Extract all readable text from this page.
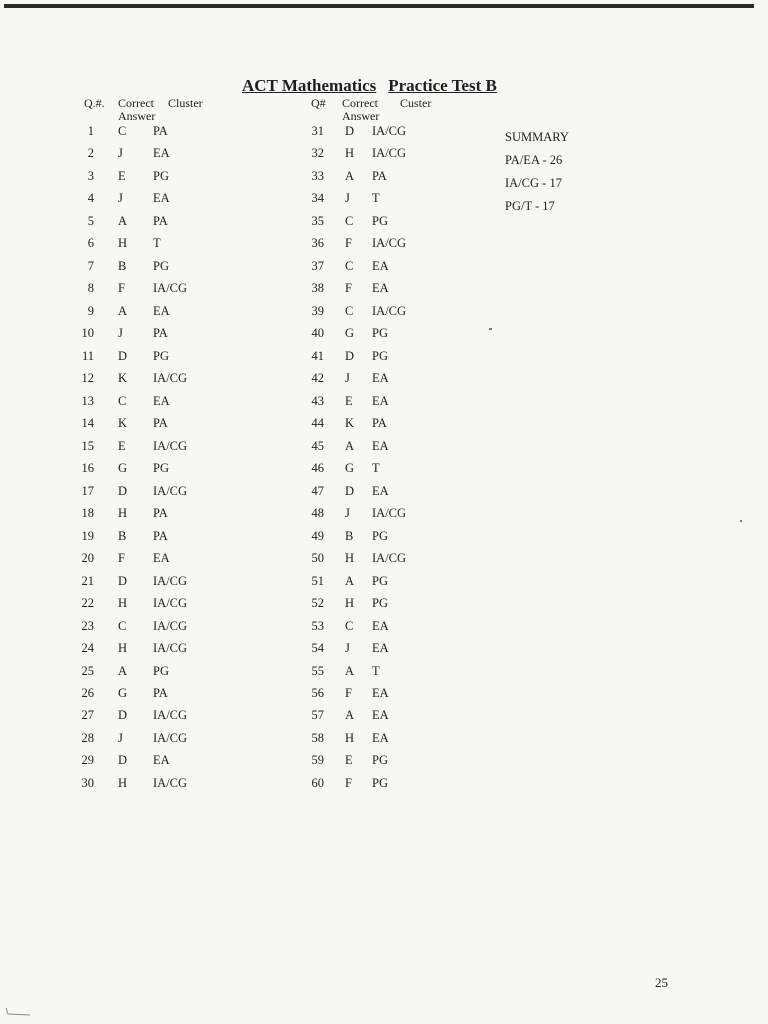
ACT Mathematics Practice Test B
Q.#. Correct Cluster
Answer
Q# Correct Custer
Answer
1 C PA
2 J EA
3 E PG
4 J EA
5 A PA
6 H T
7 B PG
8 F IA/CG
9 A EA
10 J PA
11 D PG
12 K IA/CG
13 C EA
14 K PA
15 E IA/CG
16 G PG
17 D IA/CG
18 H PA
19 B PA
20 F EA
21 D IA/CG
22 H IA/CG
23 C IA/CG
24 H IA/CG
25 A PG
26 G PA
27 D IA/CG
28 J IA/CG
29 D EA
30 H IA/CG
31 D IA/CG
32 H IA/CG
33 A PA
34 J T
35 C PG
36 F IA/CG
37 C EA
38 F EA
39 C IA/CG
40 G PG
41 D PG
42 J EA
43 E EA
44 K PA
45 A EA
46 G T
47 D EA
48 J IA/CG
49 B PG
50 H IA/CG
51 A PG
52 H PG
53 C EA
54 J EA
55 A T
56 F EA
57 A EA
58 H EA
59 E PG
60 F PG
SUMMARY
PA/EA - 26
IA/CG - 17
PG/T - 17
25
